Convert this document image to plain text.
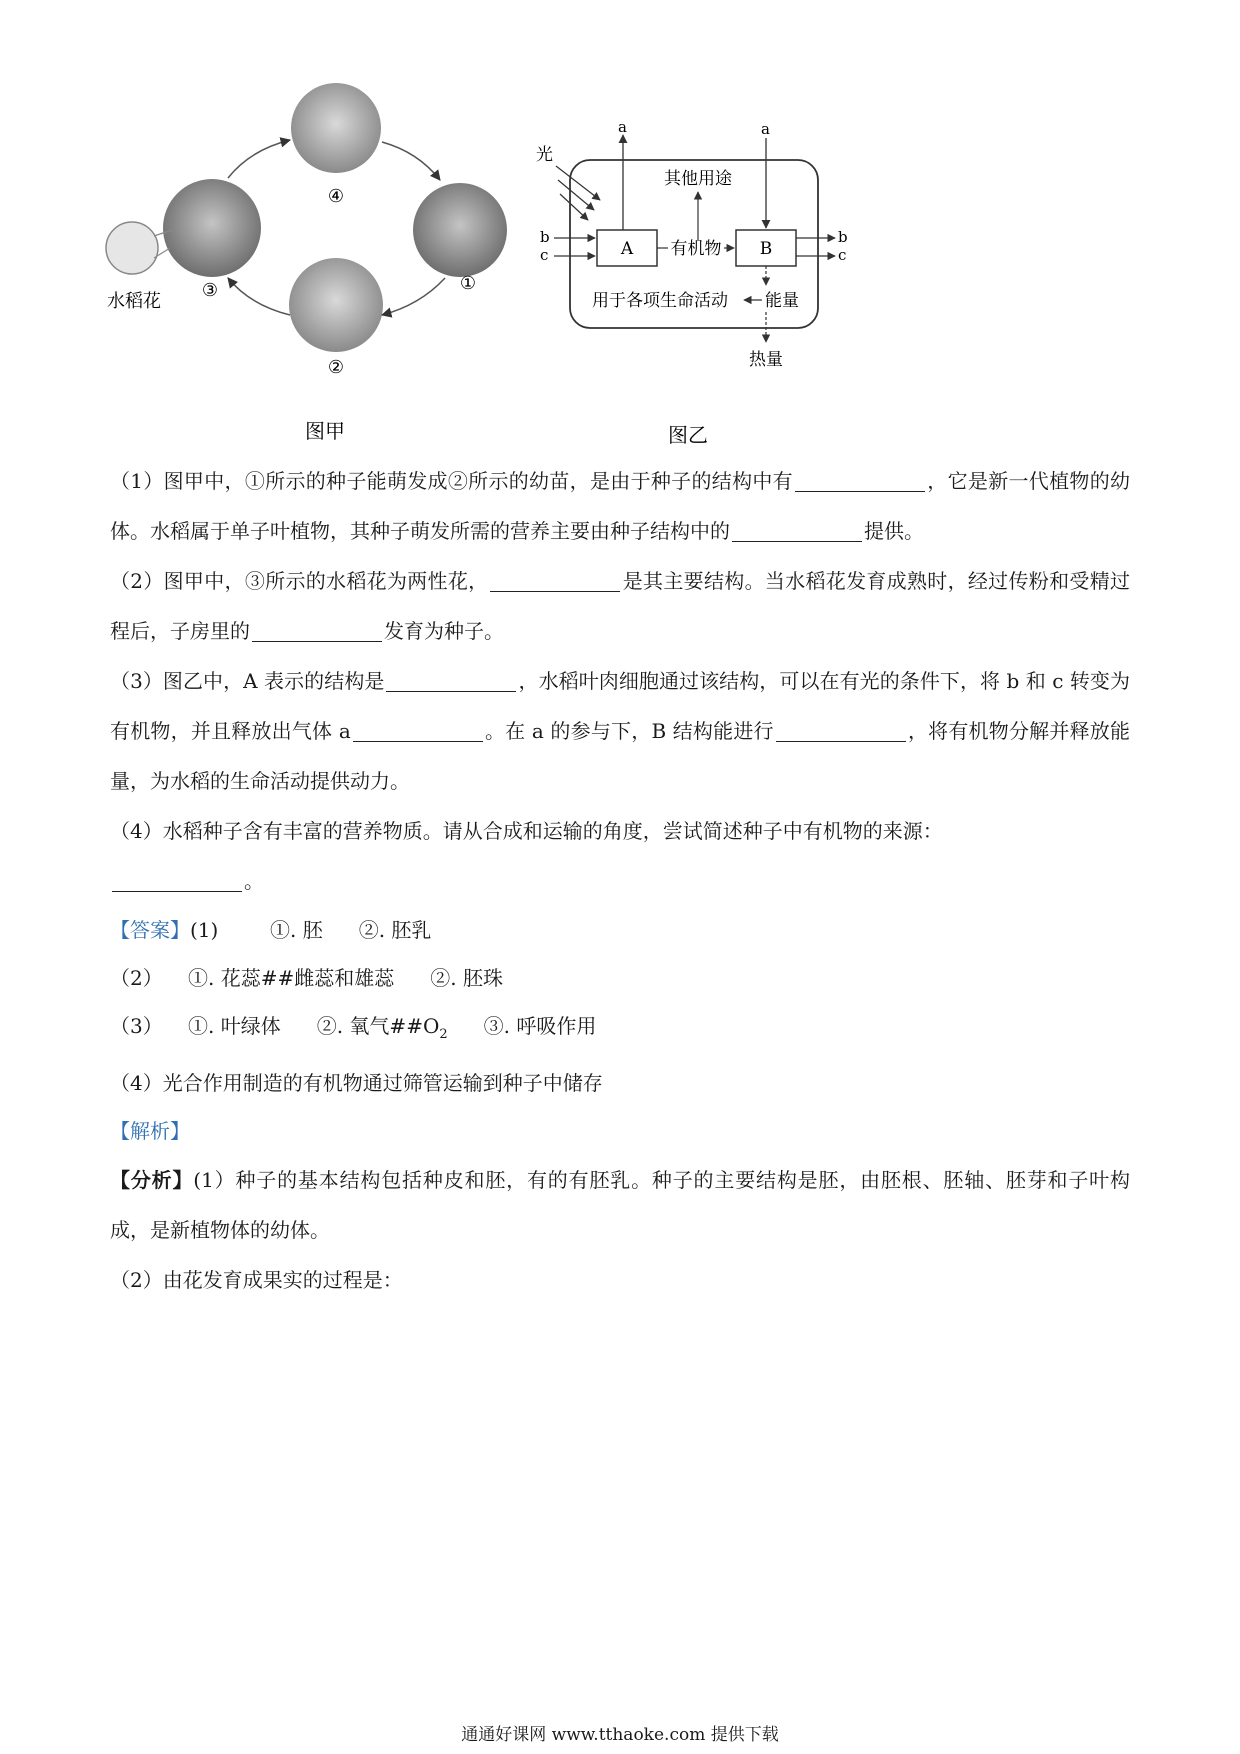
④
①
②
③
水稻花
图甲
A	B
光
a	a
其他用途
有机物
b
c
b
c
能量
用于各项生命活动
热量
图乙

（1）图甲中，①所示的种子能萌发成②所示的幼苗，是由于种子的结构中有	，它是新一代植物的幼体。水稻属于单子叶植物，其种子萌发所需的营养主要由种子结构中的	提供。

（2）图甲中，③所示的水稻花为两性花，	是其主要结构。当水稻花发育成熟时，经过传粉和受精过程后，子房里的	发育为种子。

（3）图乙中，A 表示的结构是	，水稻叶肉细胞通过该结构，可以在有光的条件下，将 b 和 c 转变为有机物，并且释放出气体 a	。在 a 的参与下，B 结构能进行	，将有机物分解并释放能量，为水稻的生命活动提供动力。

（4）水稻种子含有丰富的营养物质。请从合成和运输的角度，尝试简述种子中有机物的来源：
。

【答案】(1)	①. 胚 ②. 胚乳

（2） ①. 花蕊##雌蕊和雄蕊 ②. 胚珠

（3） ①. 叶绿体 ②. 氧气$\#\#O_2$ ③. 呼吸作用

（4）光合作用制造的有机物通过筛管运输到种子中储存

【解析】

【分析】(1）种子的基本结构包括种皮和胚，有的有胚乳。种子的主要结构是胚，由胚根、胚轴、胚芽和子叶构成，是新植物体的幼体。

（2）由花发育成果实的过程是：

通通好课网 www.tthaoke.com 提供下载
